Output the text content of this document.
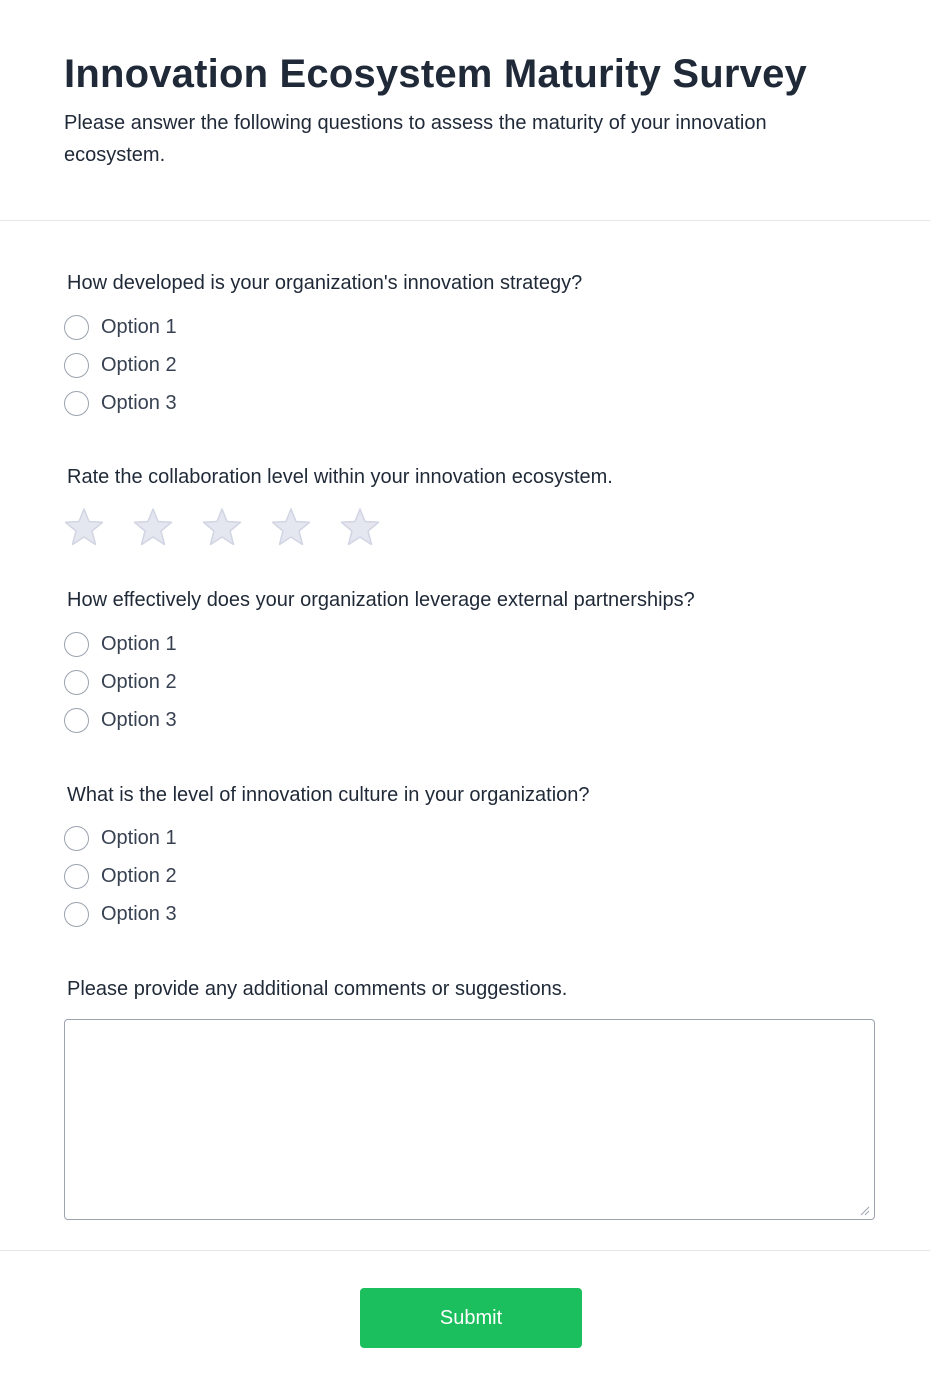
Innovation Ecosystem Maturity Survey

Please answer the following questions to assess the maturity of your innovation ecosystem.

How developed is your organization's innovation strategy?
Option 1
Option 2
Option 3
Rate the collaboration level within your innovation ecosystem.
How effectively does your organization leverage external partnerships?
Option 1
Option 2
Option 3
What is the level of innovation culture in your organization?
Option 1
Option 2
Option 3
Please provide any additional comments or suggestions.
Submit
